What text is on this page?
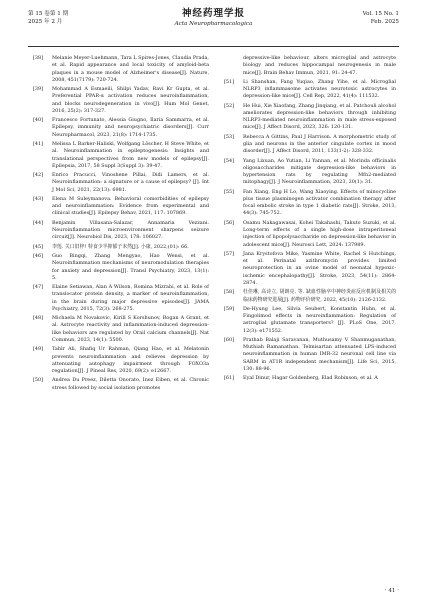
第 15 卷第 1 期
2025 年 2 月
神经药理学报
Acta Neuropharmacologica
Vol. 15 No. 1
Feb. 2025
[38] Melanie Meyer-Luehmann, Tara L Spires-Jones, Claudia Prada, et al. Rapid appearance and local toxicity of amyloid-beta plaques in a mouse model of Alzheimer's disease[J]. Nature, 2008, 451(7179): 720-724.
[39] Mohammad A Esmaeili, Shilpi Yadav, Ravi Kr Gupta, et al. Preferential PPAR-α activation reduces neuroinflammation, and blocks neurodegeneration in vivo[J]. Hum Mol Genet, 2016, 25(2): 317-327.
[40] Francesco Fortunato, Alessia Giugno, Ilaria Sammarra, et al. Epilepsy, immunity and neuropsychiatric disorders[J]. Curr Neuropharmacol, 2023, 21(8): 1714-1735.
[41] Melissa L Barker-Haliski, Wolfgang Löscher, H Steve White, et al. Neuroinflammation in epileptogenesis: Insights and translational perspectives from new models of epilepsy[J]. Epilepsia, 2017, 58 Suppl 3(Suppl 3): 39-47.
[42] Enrico Pracucci, Vinoshene Pillai, Didi Lamers, et al. Neuroinflammation: a signature or a cause of epilepsy? [J]. Int J Mol Sci, 2021, 22(13): 6981.
[43] Elena M Suleymanova. Behavioral comorbidities of epilepsy and neuroinflammation: Evidence from experimental and clinical studies[J]. Epilepsy Behav, 2021, 117: 107869.
[44] Benjamin Villasana-Salazar, Annamaria Vezzani. Neuroinflammation microenvironment sharpens seizure circuit[J]. Neurobiol Dis, 2023, 178: 106027.
[45] 李莲. 关口旧梓! 特食少半抑郁子未然[J]. 小康, 2022,(01): 66.
[46] Guo Bingqi, Zhang Mengyao, Hao Wensi, et al. Neuroinflammation mechanisms of neuromodulation therapies for anxiety and depression[J]. Transl Psychiatry, 2023, 13(1): 5.
[47] Elaine Setiawan, Alan A Wilson, Romina Mizrahi, et al. Role of translocator protein density, a marker of neuroinflammation, in the brain during major depressive episodes[J]. JAMA Psychiatry, 2015, 72(3): 268-275.
[48] Michaela M Novakovic, Kirill S Korshunov, Rogan A Grant, et al. Astrocyte reactivity and inflammation-induced depression-like behaviors are regulated by Orail calcium channels[J]. Nat Commun, 2023, 14(1): 5500.
[49] Tahir Ali, Shafiq Ur Rahman, Qiang Hao, et al. Melatonin prevents neuroinflammation and relieves depression by attenuating autophagy impairment through FOXO3a regulation[J]. J Pineal Res, 2020, 69(2): e12667.
[50] Andrea Du Preez, Diletta Onorato, Inez Eiben, et al. Chronic stress followed by social isolation promotes
depressive-like behaviour, alters microglial and astrocyte biology and reduces hippocampal neurogenesis in male mice[J]. Brain Behav Immun, 2021, 91: 24-47.
[51] Li Shanshan, Fang Yuqiao, Zhang Yihe, et al. Microglial NLRP3 inflammasome activates neurotoxic astrocytes in depression-like mice[J]. Cell Rep, 2022, 41(4): 111532.
[52] He Hui, Xie Xiaofang, Zhang Jinqiang, et al. Patchouli alcohol ameliorates depression-like behaviors through inhibiting NLRP3-mediated neuroinflammation in male stress-exposed mice[J]. J Affect Disord, 2023, 326: 120-131.
[53] Rebecca A Gittins, Paul J Harrison. A morphometric study of glia and neurons in the anterior cingulate cortex in mood disorder[J]. J Affect Disord, 2011, 133(1-2): 328-332.
[54] Yang Lixuan, Ao Yutian, Li Yannan, et al. Morinda officinalis oligosaccharides mitigate depression-like behaviors in hypertension rats by regulating Mfn2-mediated mitophagy[J]. J Neuroinflammation, 2023, 20(1): 31.
[55] Fan Xiang, Eng H Lo, Wang Xiaoying. Effects of minocycline plus tissue plasminogen activator combination therapy after focal embolic stroke in type 1 diabetic rats[J]. Stroke, 2013, 44(3): 745-752.
[56] Osamu Nakagawasai, Kohei Takahashi, Takuto Suzuki, et al. Long-term effects of a single high-dose intraperitoneal injection of lipopolysaccharide on depression-like behavior in adolescent mice[J]. Neurosci Lett, 2024: 137989.
[57] Jana Krystofova Mike, Yasmine White, Rachel S Hutchings, et al. Perinatal azithromycin provides limited neuroprotection in an ovine model of neonatal hypoxic-ischemic encephalopathy[J]. Stroke, 2023, 54(11): 2864-2874.
[58] 杜佳琳, 高诗立, 胡朗亮, 等. 缺血性脑卒中神经炎症反应机制及相关的临床药物研究进展[J]. 药物评价研究, 2022, 45(10): 2126-2132.
[59] De-Hyung Lee, Silvia Seubert, Konstantin Huhn, et al. Fingolimod effects in neuroinflammation: Regulation of astroglial glutamate transporters? [J]. PLoS One, 2017, 12(3): e171552.
[60] Prathab Balaji Saravanan, Muthusamy V Shanmuganathan, Muthiah Ramanathan. Telmisartan attenuated LPS-induced neuroinflammation in human IMR-32 neuronal cell line via SARM in AT1R independent mechanism[J]. Life Sci, 2015, 130: 88-96.
[61] Eyal Dinur, Hagar Goldenberg, Elad Robinson, et al. A
· 41 ·
